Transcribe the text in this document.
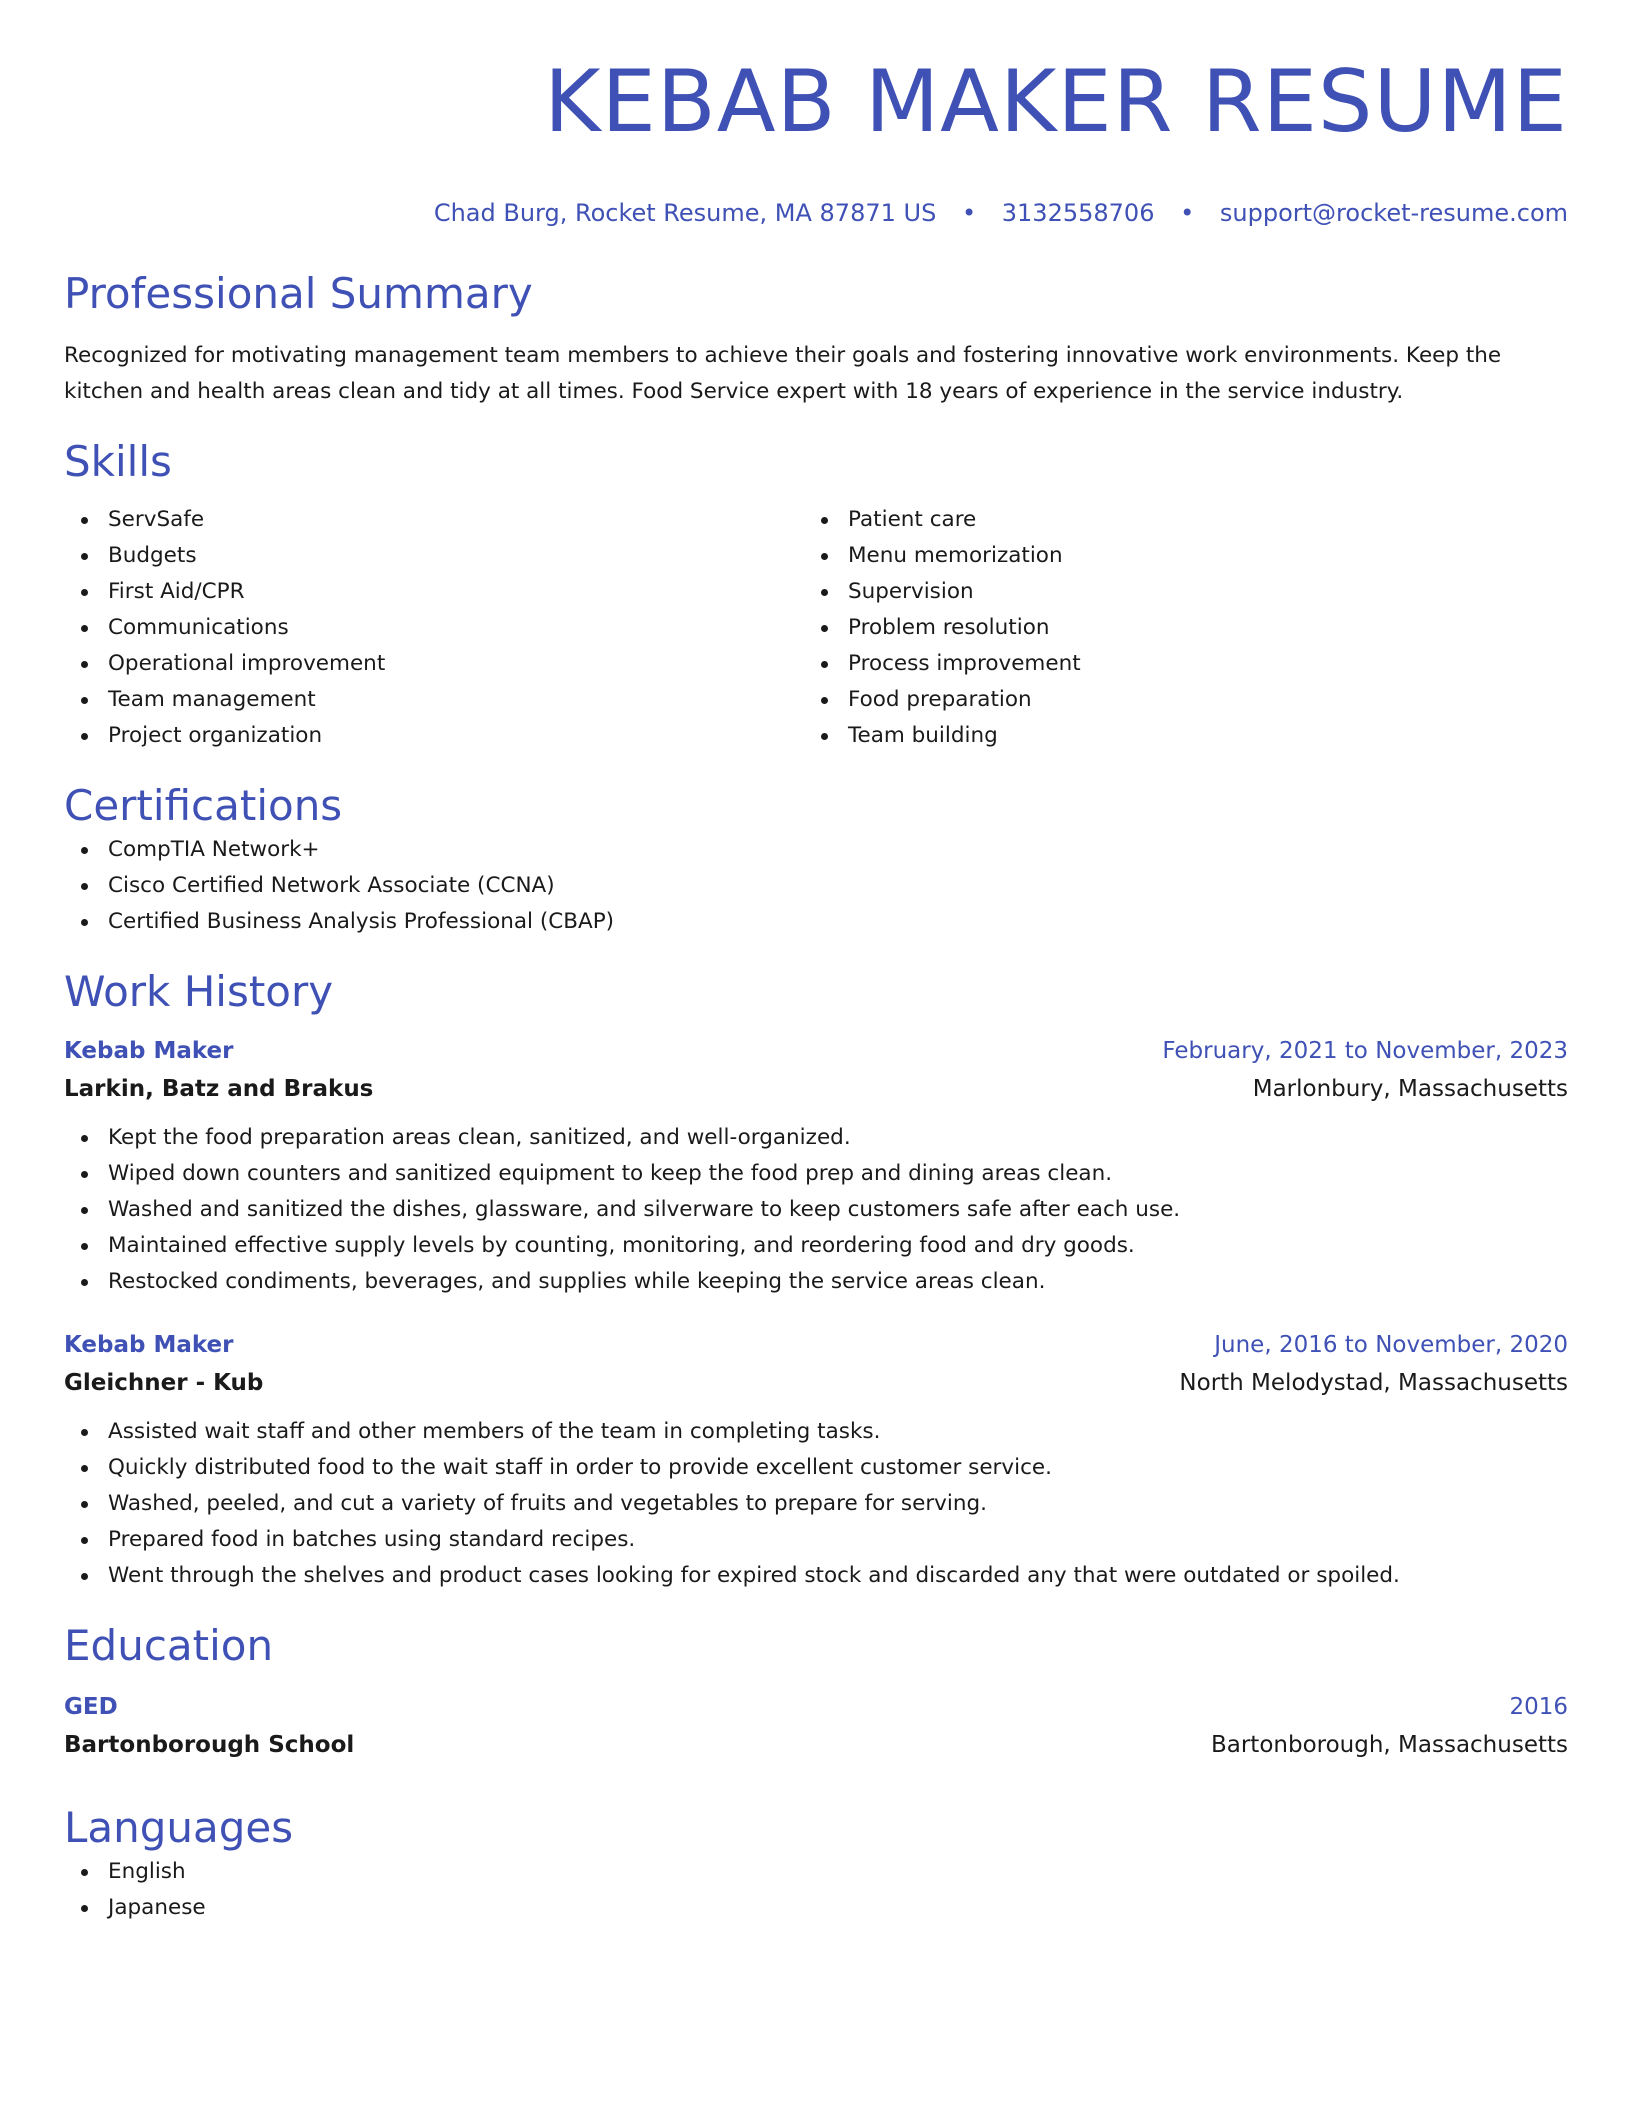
KEBAB MAKER RESUME
Chad Burg, Rocket Resume, MA 87871 US • 3132558706 • support@rocket-resume.com
Professional Summary

Recognized for motivating management team members to achieve their goals and fostering innovative work environments. Keep the kitchen and health areas clean and tidy at all times. Food Service expert with 18 years of experience in the service industry.

Skills
ServSafe
Budgets
First Aid/CPR
Communications
Operational improvement
Team management
Project organization
Patient care
Menu memorization
Supervision
Problem resolution
Process improvement
Food preparation
Team building
Certifications
CompTIA Network+
Cisco Certified Network Associate (CCNA)
Certified Business Analysis Professional (CBAP)
Work History
Kebab Maker	February, 2021 to November, 2023
Larkin, Batz and Brakus	Marlonbury, Massachusetts
Kept the food preparation areas clean, sanitized, and well-organized.
Wiped down counters and sanitized equipment to keep the food prep and dining areas clean.
Washed and sanitized the dishes, glassware, and silverware to keep customers safe after each use.
Maintained effective supply levels by counting, monitoring, and reordering food and dry goods.
Restocked condiments, beverages, and supplies while keeping the service areas clean.
Kebab Maker	June, 2016 to November, 2020
Gleichner - Kub	North Melodystad, Massachusetts
Assisted wait staff and other members of the team in completing tasks.
Quickly distributed food to the wait staff in order to provide excellent customer service.
Washed, peeled, and cut a variety of fruits and vegetables to prepare for serving.
Prepared food in batches using standard recipes.
Went through the shelves and product cases looking for expired stock and discarded any that were outdated or spoiled.
Education
GED	2016
Bartonborough School	Bartonborough, Massachusetts
Languages
English
Japanese
